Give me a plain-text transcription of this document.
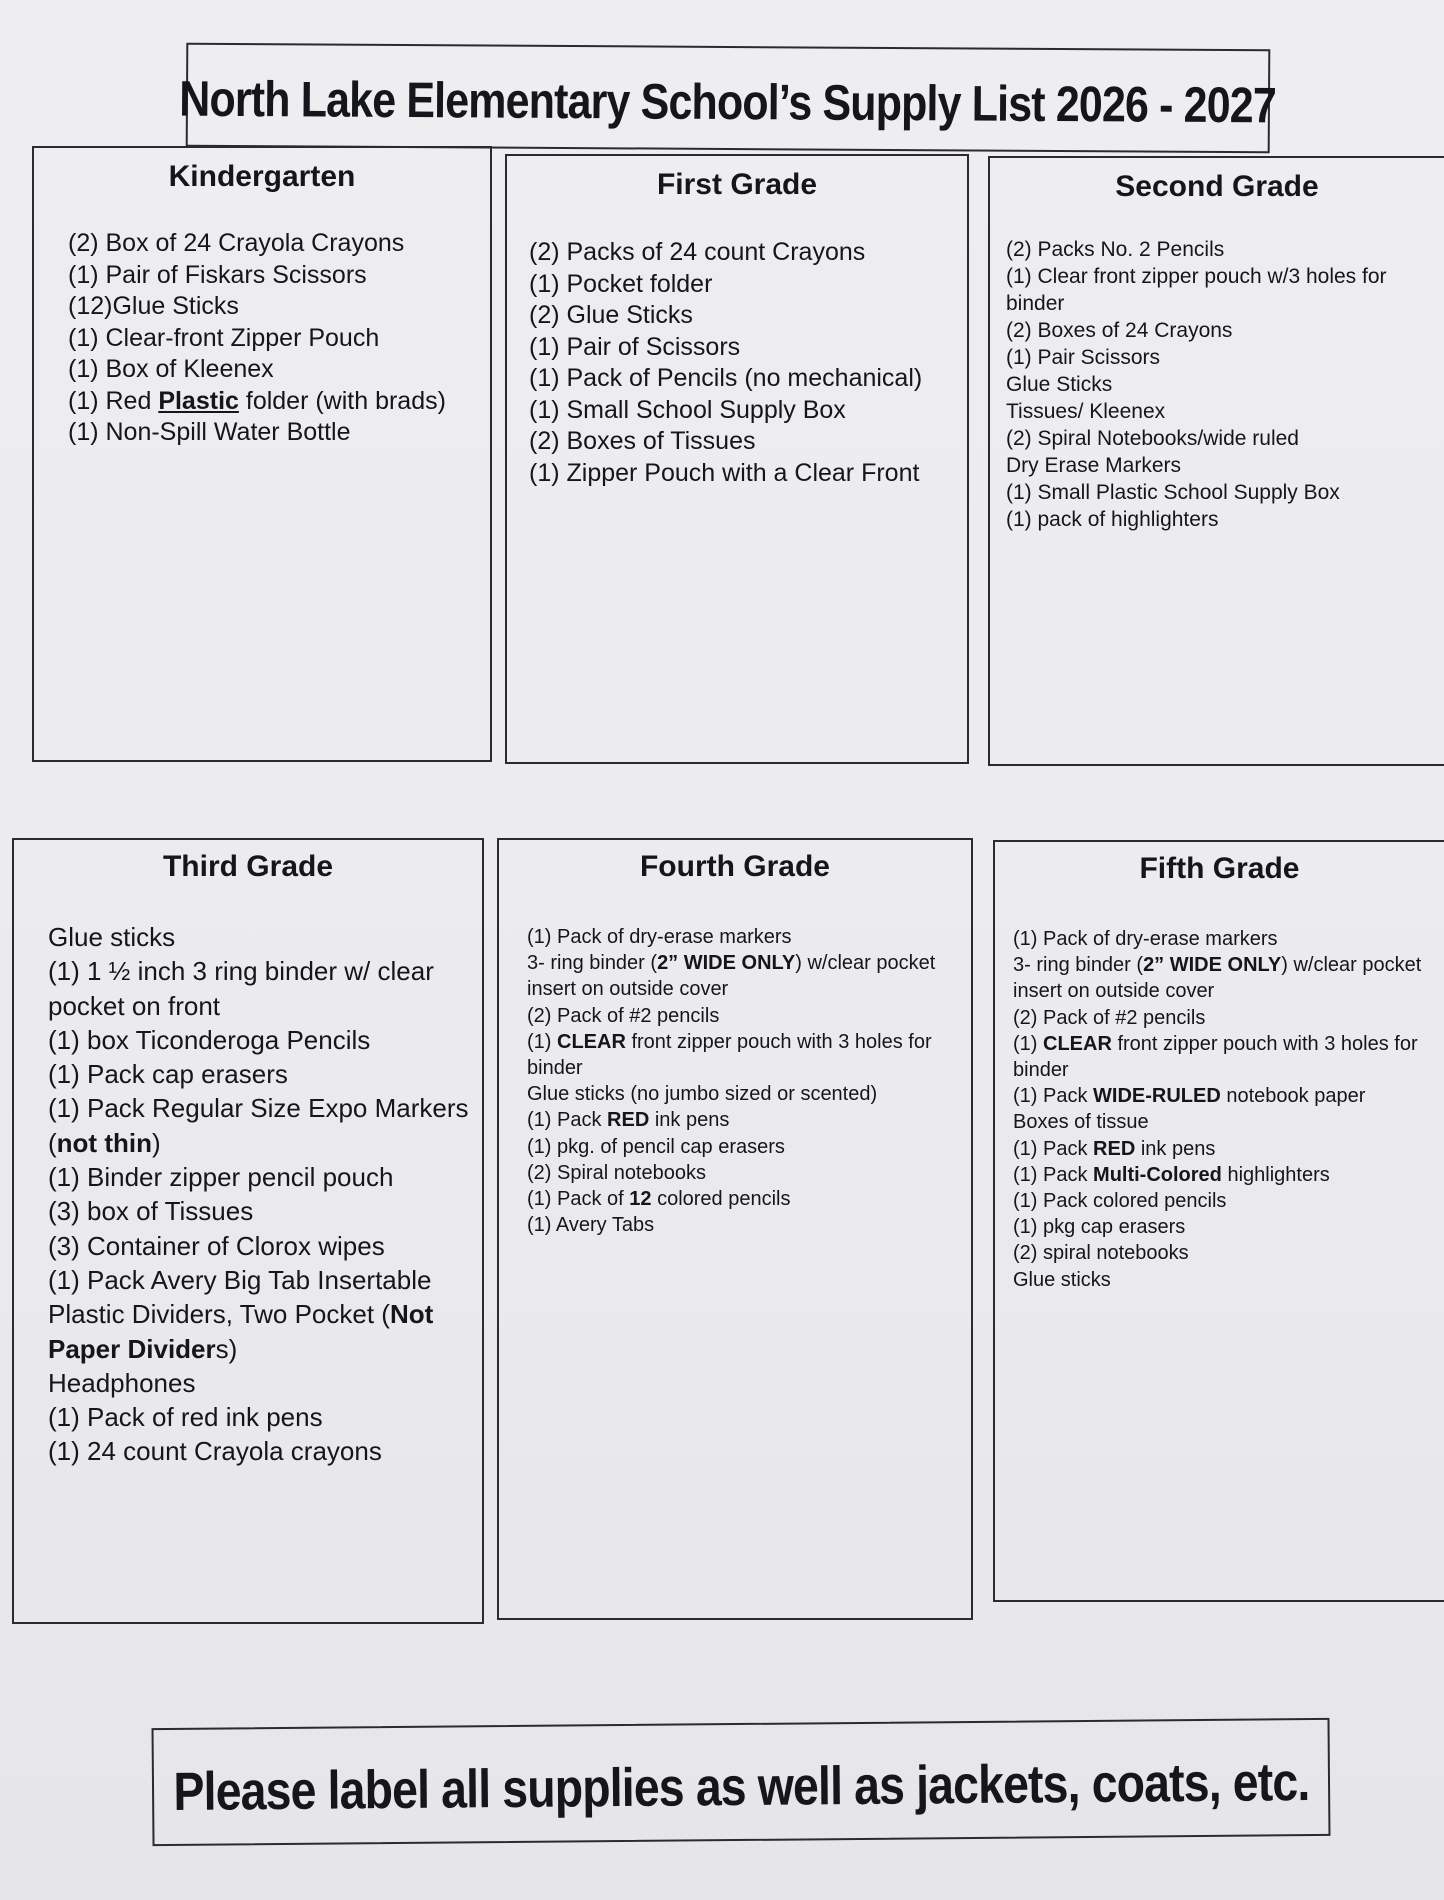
North Lake Elementary School’s Supply List 2026 - 2027
Kindergarten
(2) Box of 24 Crayola Crayons
(1) Pair of Fiskars Scissors
(12)Glue Sticks
(1) Clear-front Zipper Pouch
(1) Box of Kleenex
(1) Red Plastic folder (with brads)
(1) Non-Spill Water Bottle
First Grade
(2) Packs of 24 count Crayons
(1) Pocket folder
(2) Glue Sticks
(1) Pair of Scissors
(1) Pack of Pencils (no mechanical)
(1) Small School Supply Box
(2) Boxes of Tissues
(1) Zipper Pouch with a Clear Front
Second Grade
(2) Packs No. 2 Pencils
(1) Clear front zipper pouch w/3 holes for binder
(2) Boxes of 24 Crayons
(1) Pair Scissors
Glue Sticks
Tissues/ Kleenex
(2) Spiral Notebooks/wide ruled
Dry Erase Markers
(1) Small Plastic School Supply Box
(1) pack of highlighters
Third Grade
Glue sticks
(1) 1 ½ inch 3 ring binder w/ clear pocket on front
(1) box Ticonderoga Pencils
(1) Pack cap erasers
(1) Pack Regular Size Expo Markers (not thin)
(1) Binder zipper pencil pouch
(3) box of Tissues
(3) Container of Clorox wipes
(1) Pack Avery Big Tab Insertable Plastic Dividers, Two Pocket (Not Paper Dividers)
Headphones
(1) Pack of red ink pens
(1) 24 count Crayola crayons
Fourth Grade
(1) Pack of dry-erase markers
3- ring binder (2” WIDE ONLY) w/clear pocket insert on outside cover
(2) Pack of #2 pencils
(1) CLEAR front zipper pouch with 3 holes for binder
Glue sticks (no jumbo sized or scented)
(1) Pack RED ink pens
(1) pkg. of pencil cap erasers
(2) Spiral notebooks
(1) Pack of 12 colored pencils
(1) Avery Tabs
Fifth Grade
(1) Pack of dry-erase markers
3- ring binder (2” WIDE ONLY) w/clear pocket insert on outside cover
(2) Pack of #2 pencils
(1) CLEAR front zipper pouch with 3 holes for binder
(1) Pack WIDE-RULED notebook paper
Boxes of tissue
(1) Pack RED ink pens
(1) Pack Multi-Colored highlighters
(1) Pack colored pencils
(1) pkg cap erasers
(2) spiral notebooks
Glue sticks
Please label all supplies as well as jackets, coats, etc.
